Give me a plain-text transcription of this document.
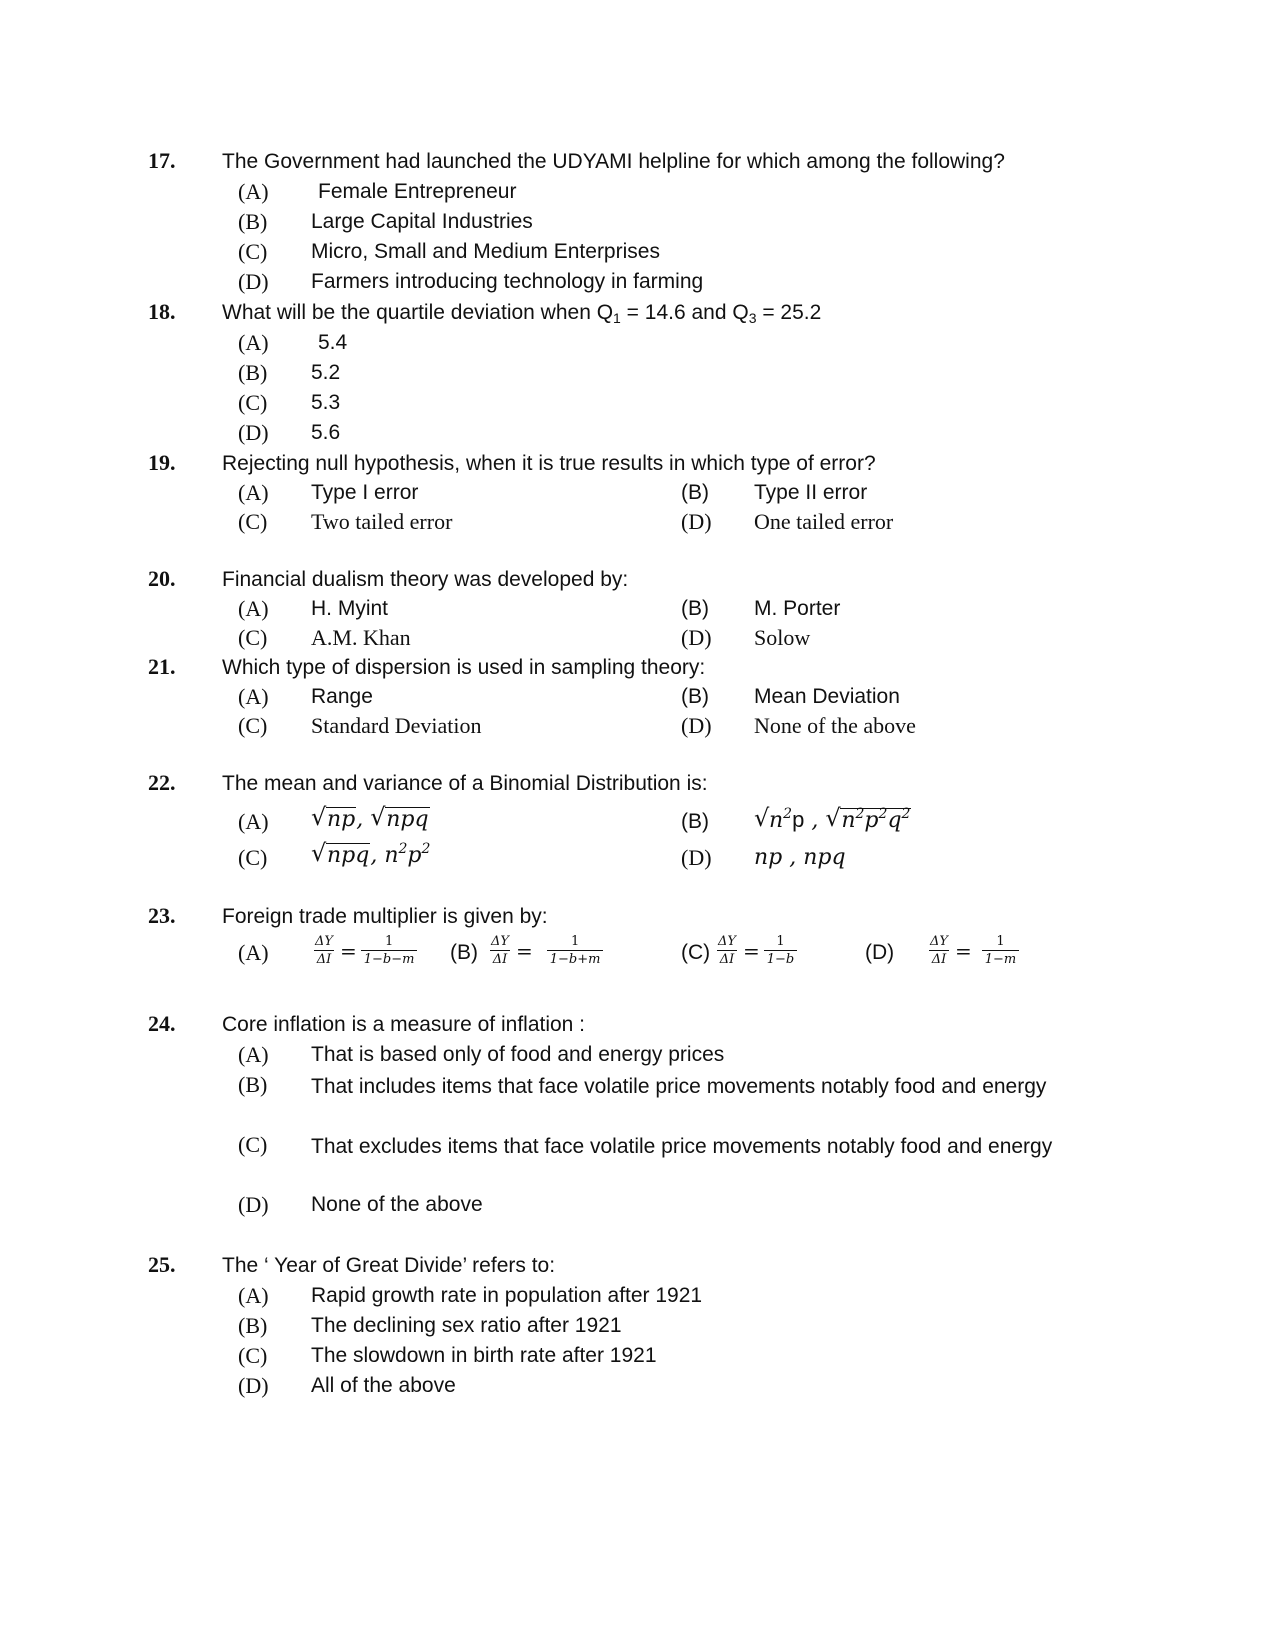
17. The Government had launched the UDYAMI helpline for which among the following?
(A) Female Entrepreneur
(B) Large Capital Industries
(C) Micro, Small and Medium Enterprises
(D) Farmers introducing technology in farming
18. What will be the quartile deviation when $Q_1 = 14.6$ and $Q_3 = 25.2$
(A) 5.4
(B) 5.2
(C) 5.3
(D) 5.6
19. Rejecting null hypothesis, when it is true results in which type of error?
(A) Type I error	(B) Type II error
(C) Two tailed error	(D) One tailed error
20. Financial dualism theory was developed by:
(A) H. Myint	(B) M. Porter
(C) A.M. Khan	(D) Solow
21. Which type of dispersion is used in sampling theory:
(A) Range	(B) Mean Deviation
(C) Standard Deviation	(D) None of the above
22. The mean and variance of a Binomial Distribution is:
(A) √ np, √ npq	(B) √ $n^2p$ , √ $n^2p^2q^2$
(C) √ npq, $n^2p^2$	(D) np , npq
23. Foreign trade multiplier is given by:
(A)	$\frac{\Delta Y}{\Delta I} = \frac{1}{1-b-m} (B) \frac{\Delta Y}{\Delta I} = \frac{1}{1-b+m}$	$(C) \frac{\Delta Y}{\Delta I} = \frac{1}{1-b}$	(D)	$\frac{\Delta Y}{\Delta I} = \frac{1}{1-m}$
24. Core inflation is a measure of inflation :
(A) That is based only of food and energy prices
(B) That includes items that face volatile price movements notably food and energy
(C) That excludes items that face volatile price movements notably food and energy
(D) None of the above
25. The ‘ Year of Great Divide’ refers to:
(A) Rapid growth rate in population after 1921
(B) The declining sex ratio after 1921
(C) The slowdown in birth rate after 1921
(D) All of the above
